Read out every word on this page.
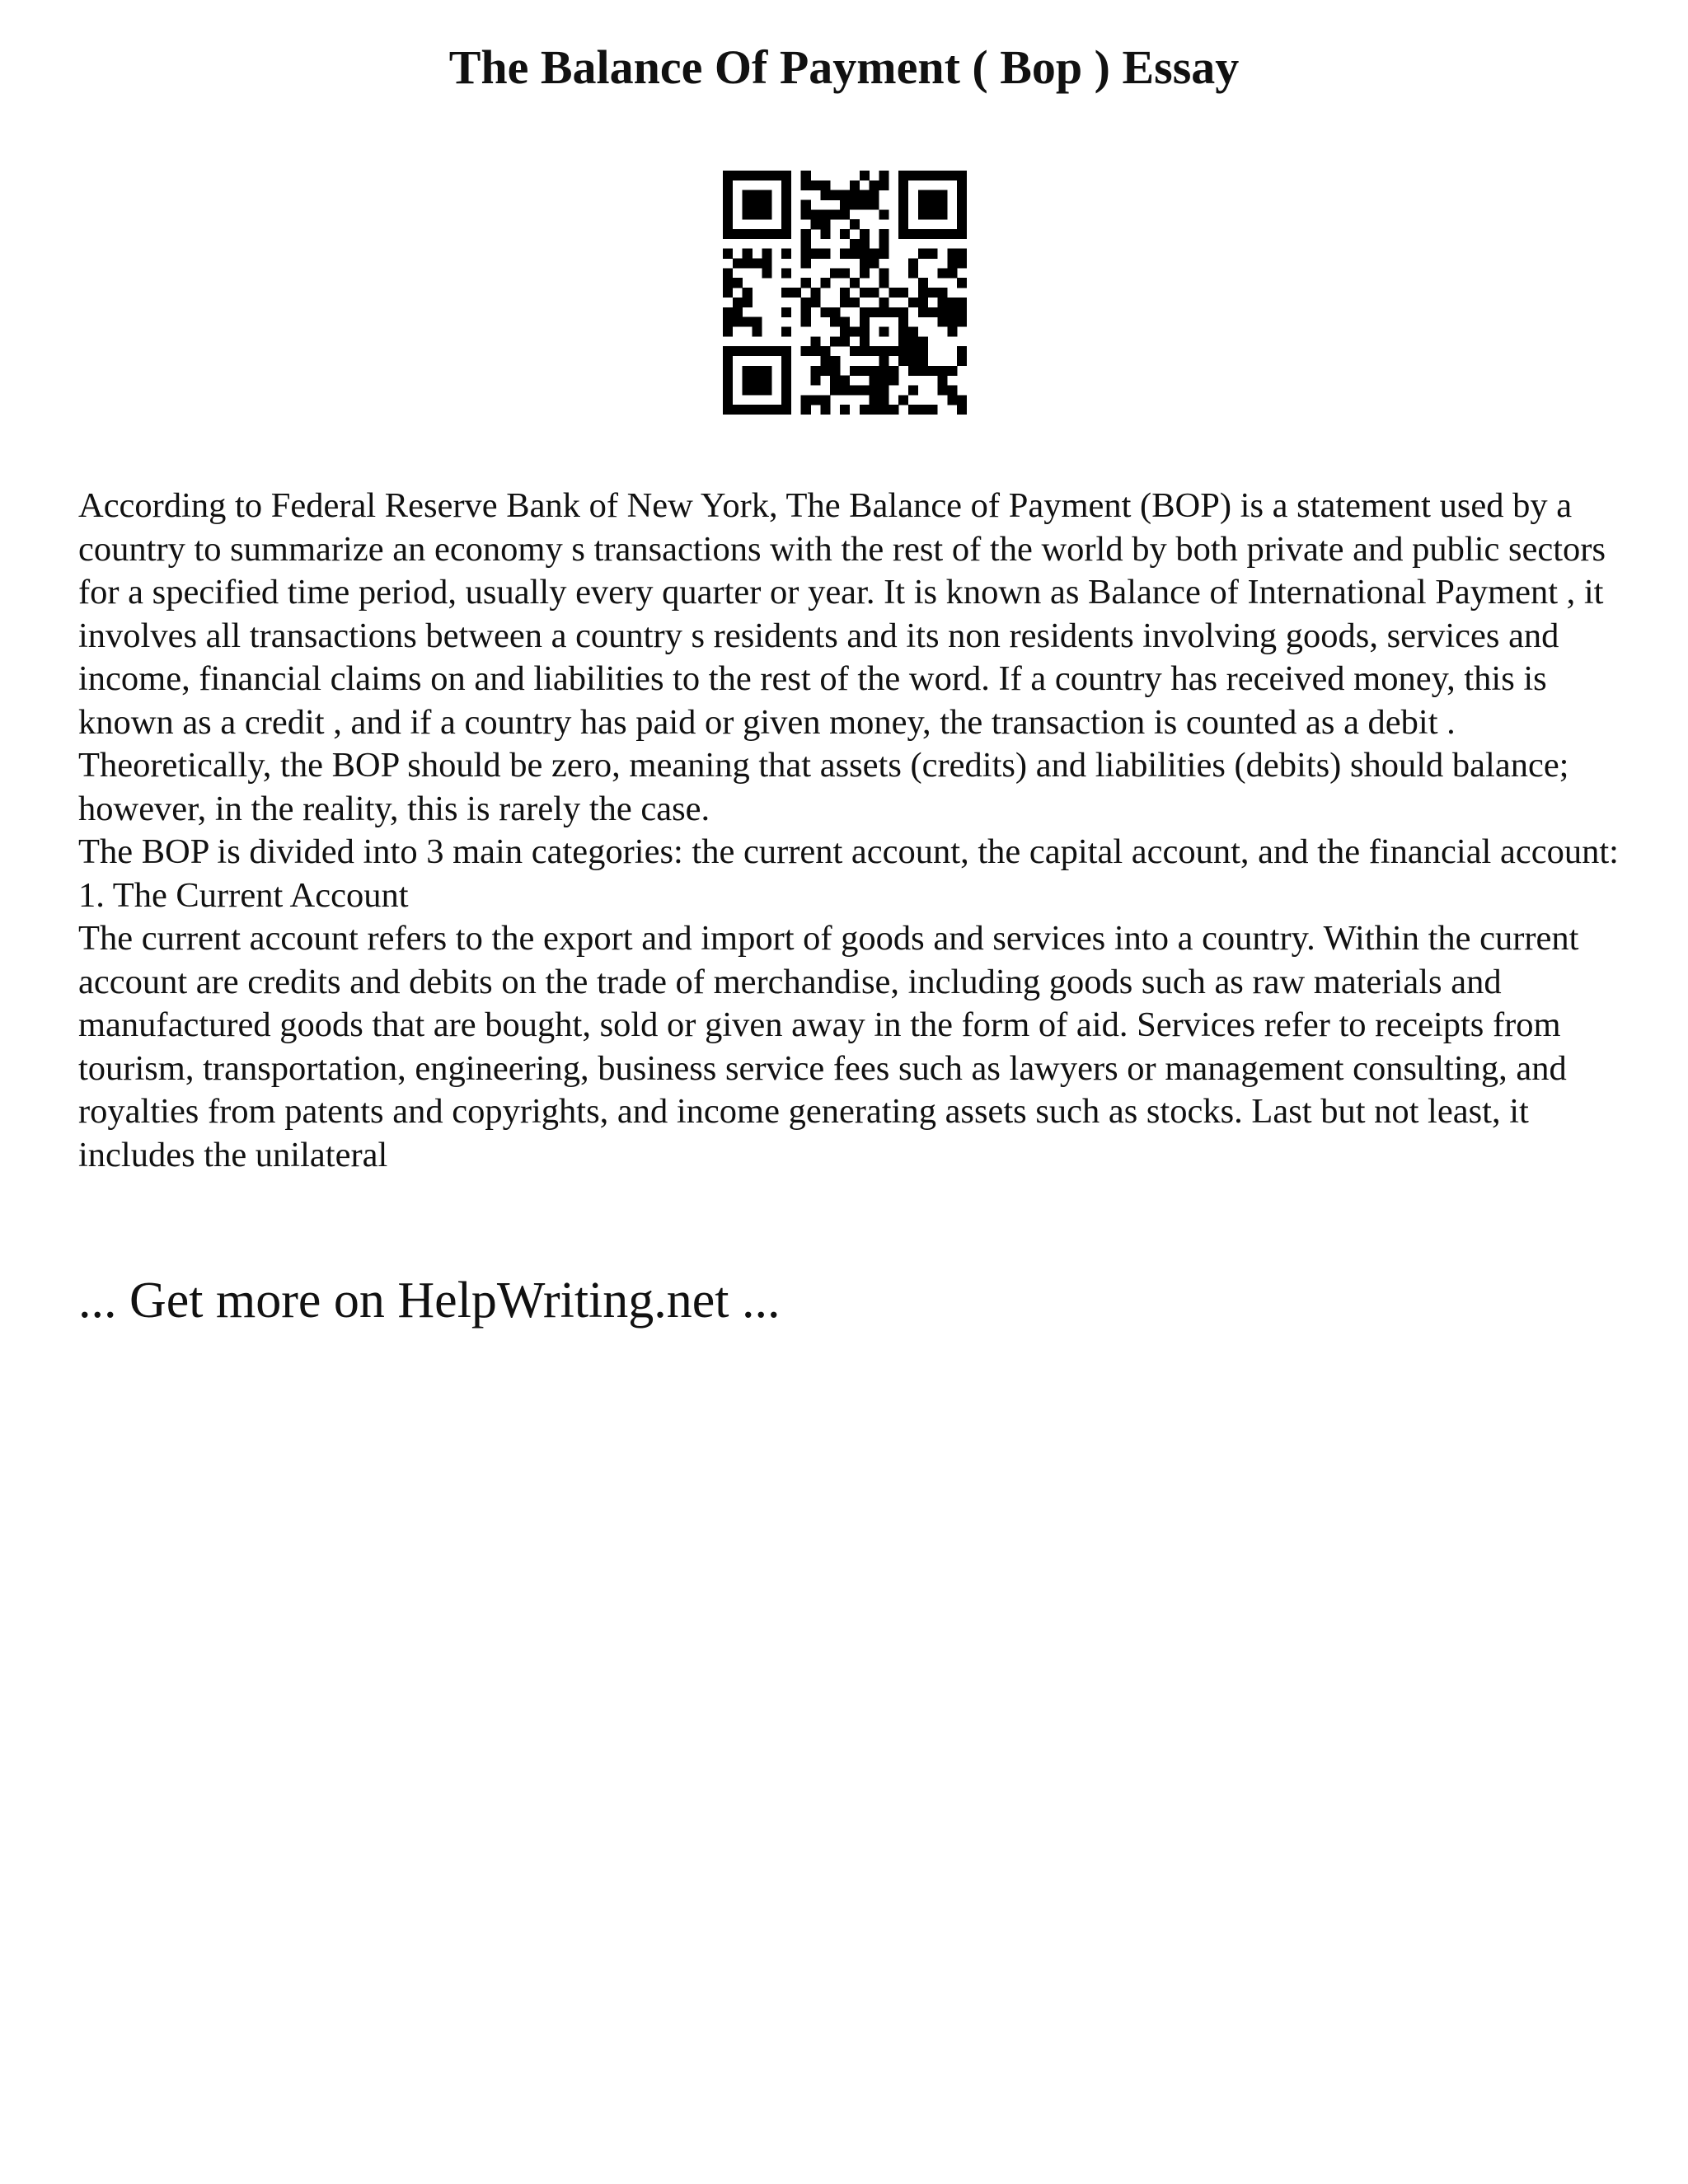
The Balance Of Payment ( Bop ) Essay

According to Federal Reserve Bank of New York, The Balance of Payment (BOP) is a statement used by a country to summarize an economy s transactions with the rest of the world by both private and public sectors for a specified time period, usually every quarter or year. It is known as Balance of International Payment , it involves all transactions between a country s residents and its non residents involving goods, services and income, financial claims on and liabilities to the rest of the word. If a country has received money, this is known as a credit , and if a country has paid or given money, the transaction is counted as a debit . Theoretically, the BOP should be zero, meaning that assets (credits) and liabilities (debits) should balance; however, in the reality, this is rarely the case.

The BOP is divided into 3 main categories: the current account, the capital account, and the financial account:

1. The Current Account

The current account refers to the export and import of goods and services into a country. Within the current account are credits and debits on the trade of merchandise, including goods such as raw materials and manufactured goods that are bought, sold or given away in the form of aid. Services refer to receipts from tourism, transportation, engineering, business service fees such as lawyers or management consulting, and royalties from patents and copyrights, and income generating assets such as stocks. Last but not least, it includes the unilateral

... Get more on HelpWriting.net ...
